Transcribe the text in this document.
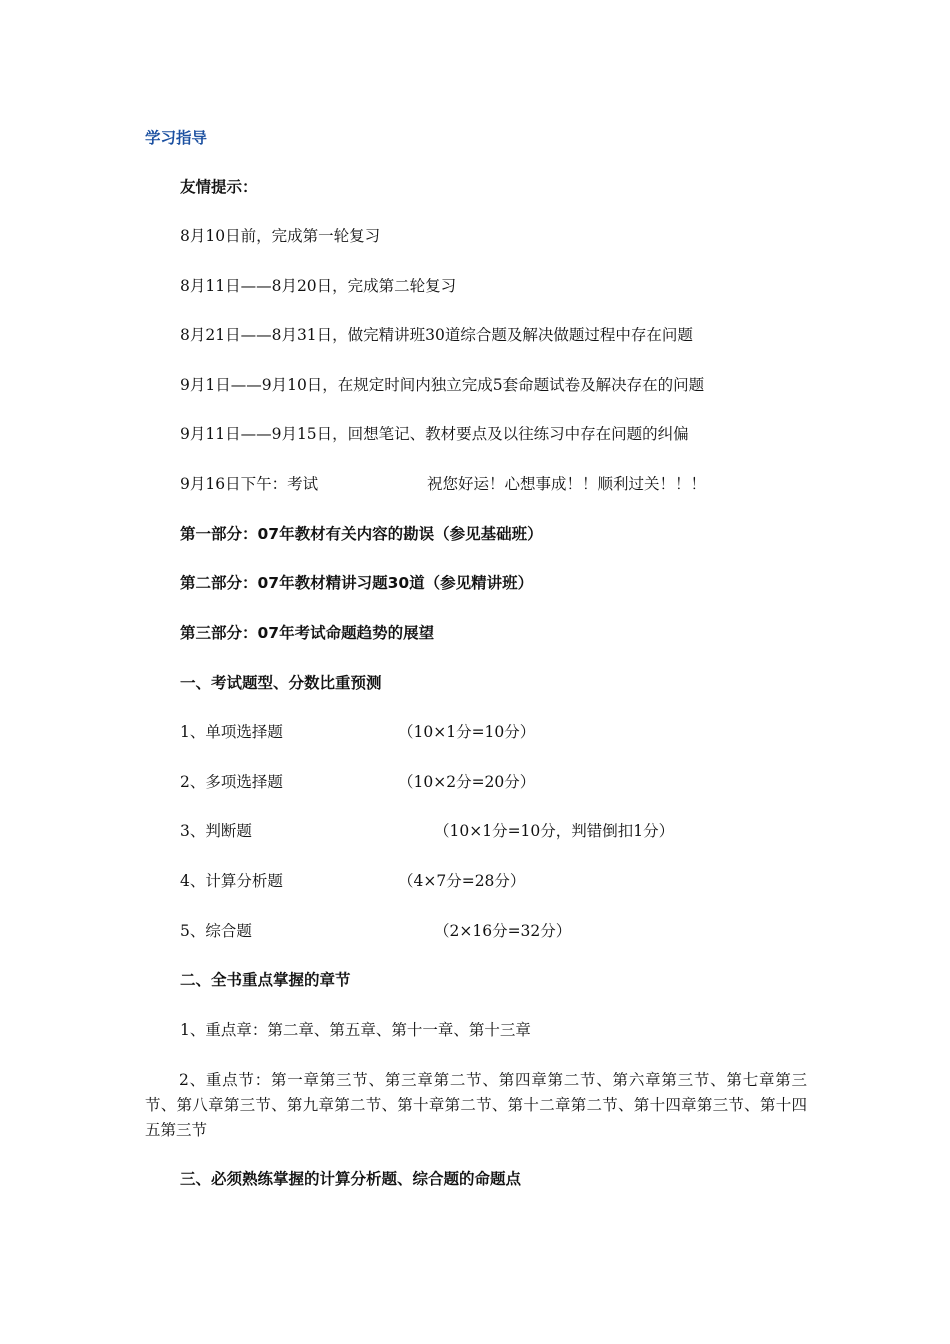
学习指导
友情提示：
8月10日前，完成第一轮复习
8月11日——8月20日，完成第二轮复习
8月21日——8月31日，做完精讲班30道综合题及解决做题过程中存在问题
9月1日——9月10日，在规定时间内独立完成5套命题试卷及解决存在的问题
9月11日——9月15日，回想笔记、教材要点及以往练习中存在问题的纠偏
9月16日下午：考试	祝您好运！心想事成！！顺利过关！！！
第一部分：07年教材有关内容的勘误（参见基础班）
第二部分：07年教材精讲习题30道（参见精讲班）
第三部分：07年考试命题趋势的展望
一、考试题型、分数比重预测
1、单项选择题	（10×1分=10分）
2、多项选择题	（10×2分=20分）
3、判断题	（10×1分=10分，判错倒扣1分）
4、计算分析题	（4×7分=28分）
5、综合题	（2×16分=32分）
二、全书重点掌握的章节
1、重点章：第二章、第五章、第十一章、第十三章
2、重点节：第一章第三节、第三章第二节、第四章第二节、第六章第三节、第七章第三节、第八章第三节、第九章第二节、第十章第二节、第十二章第二节、第十四章第三节、第十四五第三节
三、必须熟练掌握的计算分析题、综合题的命题点
